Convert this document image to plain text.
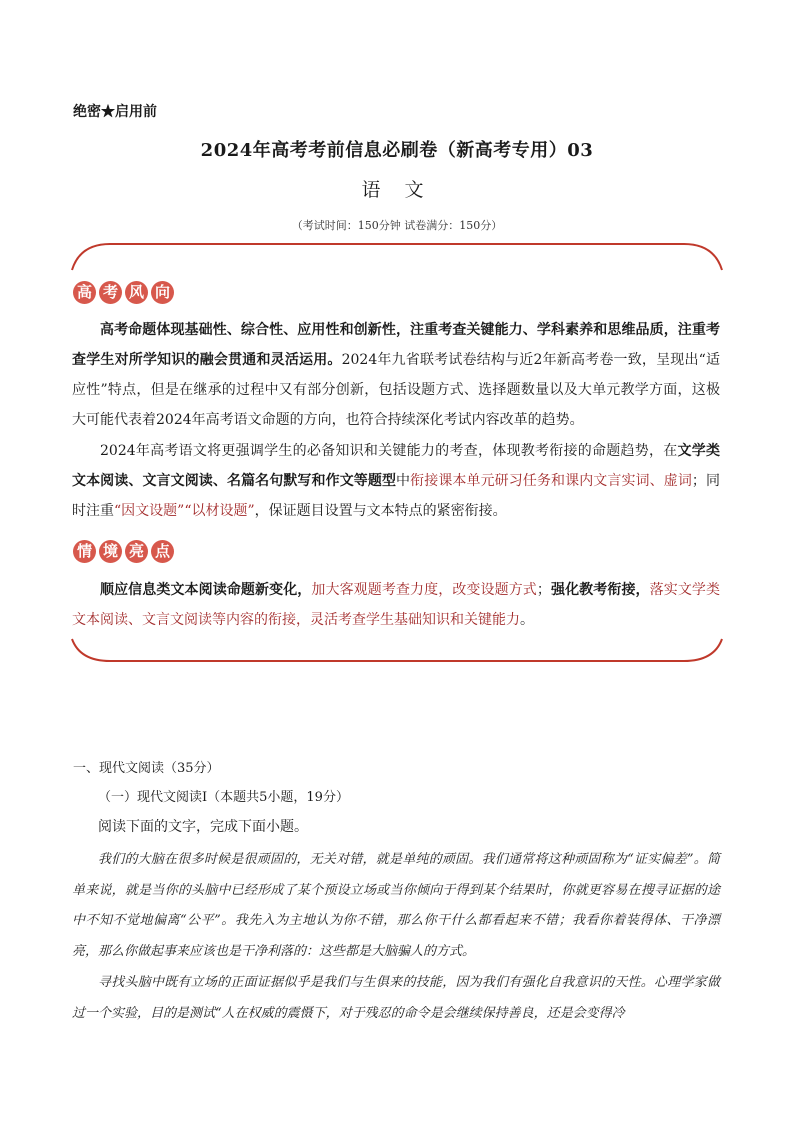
绝密★启用前
2024年高考考前信息必刷卷（新高考专用）03
语 文
（考试时间：150分钟 试卷满分：150分）
高 考 风 向
高考命题体现基础性、综合性、应用性和创新性，注重考查关键能力、学科素养和思维品质，注重考查学生对所学知识的融会贯通和灵活运用。2024年九省联考试卷结构与近2年新高考卷一致，呈现出“适应性”特点，但是在继承的过程中又有部分创新，包括设题方式、选择题数量以及大单元教学方面，这极大可能代表着2024年高考语文命题的方向，也符合持续深化考试内容改革的趋势。
2024年高考语文将更强调学生的必备知识和关键能力的考查，体现教考衔接的命题趋势，在文学类文本阅读、文言文阅读、名篇名句默写和作文等题型中衔接课本单元研习任务和课内文言实词、虚词；同时注重“因文设题”“以材设题”，保证题目设置与文本特点的紧密衔接。
情 境 亮 点
顺应信息类文本阅读命题新变化，加大客观题考查力度，改变设题方式；强化教考衔接，落实文学类文本阅读、文言文阅读等内容的衔接，灵活考查学生基础知识和关键能力。
一、现代文阅读（35分）
（一）现代文阅读Ⅰ（本题共5小题，19分）
阅读下面的文字，完成下面小题。
我们的大脑在很多时候是很顽固的，无关对错，就是单纯的顽固。我们通常将这种顽固称为“证实偏差”。简单来说，就是当你的头脑中已经形成了某个预设立场或当你倾向于得到某个结果时，你就更容易在搜寻证据的途中不知不觉地偏离“公平”。我先入为主地认为你不错，那么你干什么都看起来不错；我看你着装得体、干净漂亮，那么你做起事来应该也是干净利落的：这些都是大脑骗人的方式。
寻找头脑中既有立场的正面证据似乎是我们与生俱来的技能，因为我们有强化自我意识的天性。心理学家做过一个实验，目的是测试“人在权威的震慑下，对于残忍的命令是会继续保持善良，还是会变得冷
